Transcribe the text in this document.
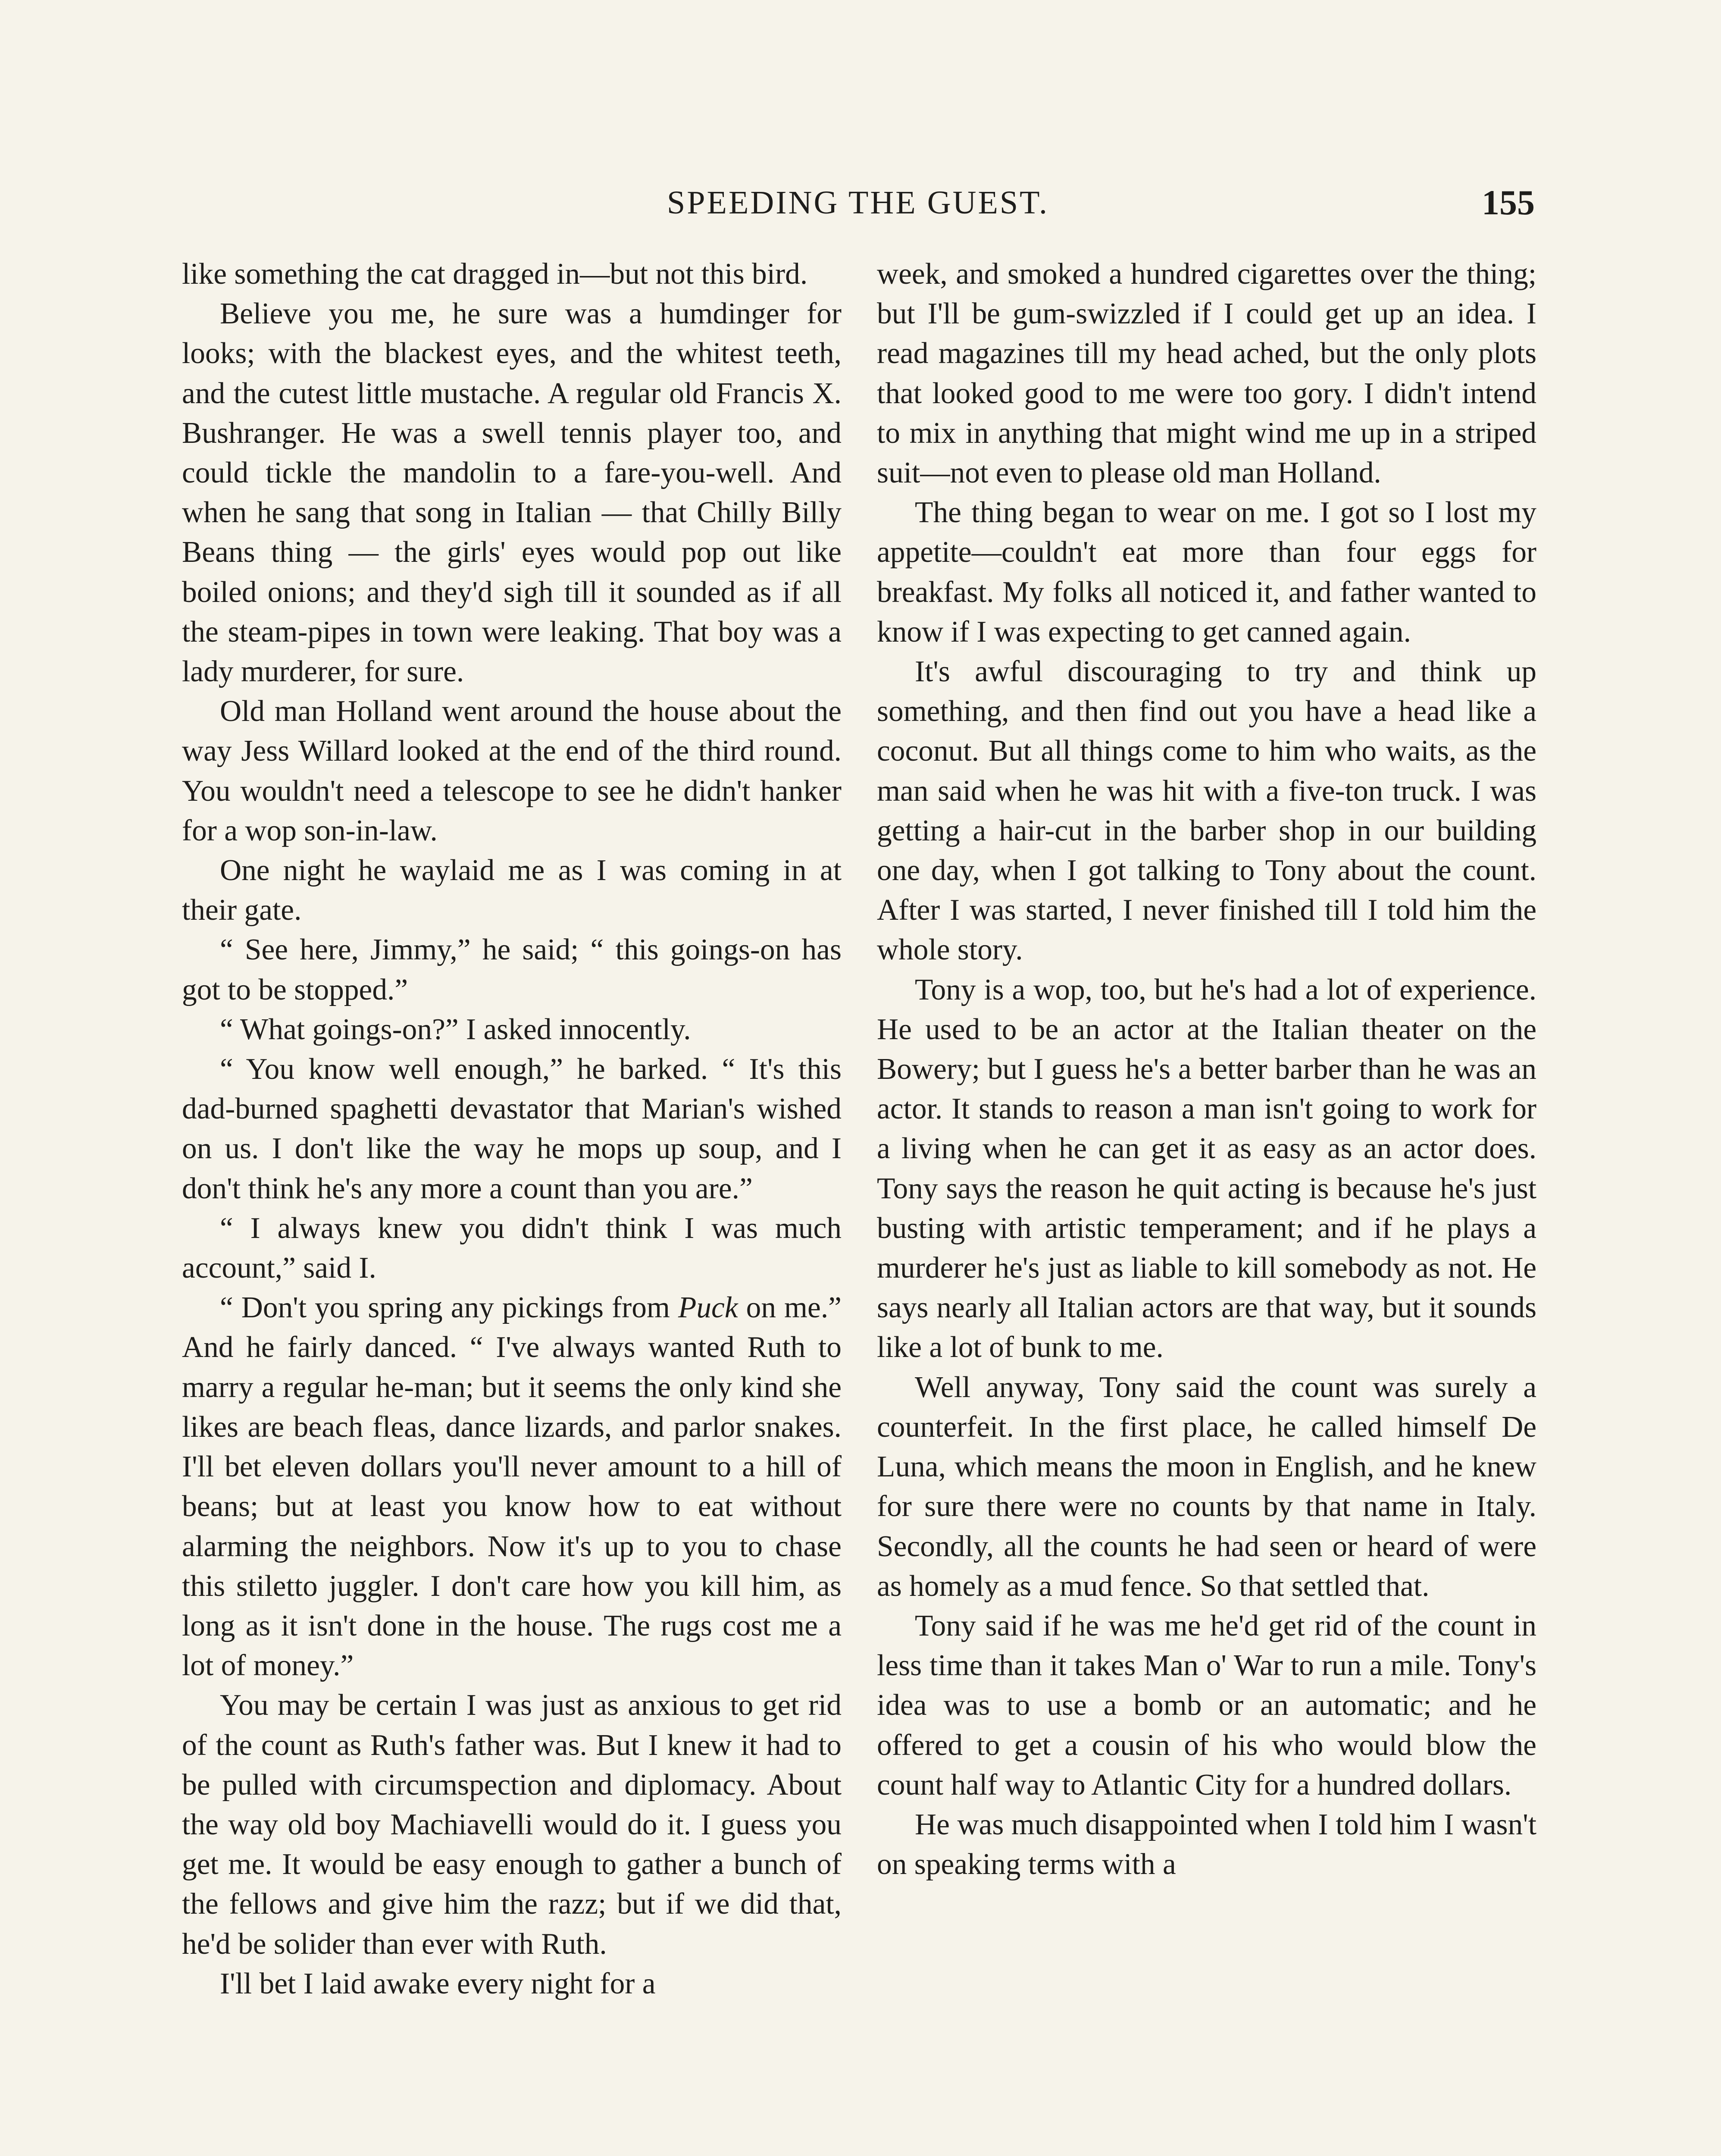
SPEEDING THE GUEST.	155

like something the cat dragged in—but not this bird.

Believe you me, he sure was a humdinger for looks; with the blackest eyes, and the whitest teeth, and the cutest little mustache. A regular old Francis X. Bushranger. He was a swell tennis player too, and could tickle the mandolin to a fare-you-well. And when he sang that song in Italian — that Chilly Billy Beans thing — the girls' eyes would pop out like boiled onions; and they'd sigh till it sounded as if all the steam-pipes in town were leaking. That boy was a lady murderer, for sure.

Old man Holland went around the house about the way Jess Willard looked at the end of the third round. You wouldn't need a telescope to see he didn't hanker for a wop son-in-law.

One night he waylaid me as I was coming in at their gate.

“ See here, Jimmy,” he said; “ this goings-on has got to be stopped.”

“ What goings-on?” I asked innocently.

“ You know well enough,” he barked. “ It's this dad-burned spaghetti devastator that Marian's wished on us. I don't like the way he mops up soup, and I don't think he's any more a count than you are.”

“ I always knew you didn't think I was much account,” said I.

“ Don't you spring any pickings from Puck on me.” And he fairly danced. “ I've always wanted Ruth to marry a regular he-man; but it seems the only kind she likes are beach fleas, dance lizards, and parlor snakes. I'll bet eleven dollars you'll never amount to a hill of beans; but at least you know how to eat without alarming the neighbors. Now it's up to you to chase this stiletto juggler. I don't care how you kill him, as long as it isn't done in the house. The rugs cost me a lot of money.”

You may be certain I was just as anxious to get rid of the count as Ruth's father was. But I knew it had to be pulled with circumspection and diplomacy. About the way old boy Machiavelli would do it. I guess you get me. It would be easy enough to gather a bunch of the fellows and give him the razz; but if we did that, he'd be solider than ever with Ruth.

I'll bet I laid awake every night for a

week, and smoked a hundred cigarettes over the thing; but I'll be gum-swizzled if I could get up an idea. I read magazines till my head ached, but the only plots that looked good to me were too gory. I didn't intend to mix in anything that might wind me up in a striped suit—not even to please old man Holland.

The thing began to wear on me. I got so I lost my appetite—couldn't eat more than four eggs for breakfast. My folks all noticed it, and father wanted to know if I was expecting to get canned again.

It's awful discouraging to try and think up something, and then find out you have a head like a coconut. But all things come to him who waits, as the man said when he was hit with a five-ton truck. I was getting a hair-cut in the barber shop in our building one day, when I got talking to Tony about the count. After I was started, I never finished till I told him the whole story.

Tony is a wop, too, but he's had a lot of experience. He used to be an actor at the Italian theater on the Bowery; but I guess he's a better barber than he was an actor. It stands to reason a man isn't going to work for a living when he can get it as easy as an actor does. Tony says the reason he quit acting is because he's just busting with artistic temperament; and if he plays a murderer he's just as liable to kill somebody as not. He says nearly all Italian actors are that way, but it sounds like a lot of bunk to me.

Well anyway, Tony said the count was surely a counterfeit. In the first place, he called himself De Luna, which means the moon in English, and he knew for sure there were no counts by that name in Italy. Secondly, all the counts he had seen or heard of were as homely as a mud fence. So that settled that.

Tony said if he was me he'd get rid of the count in less time than it takes Man o' War to run a mile. Tony's idea was to use a bomb or an automatic; and he offered to get a cousin of his who would blow the count half way to Atlantic City for a hundred dollars.

He was much disappointed when I told him I wasn't on speaking terms with a
